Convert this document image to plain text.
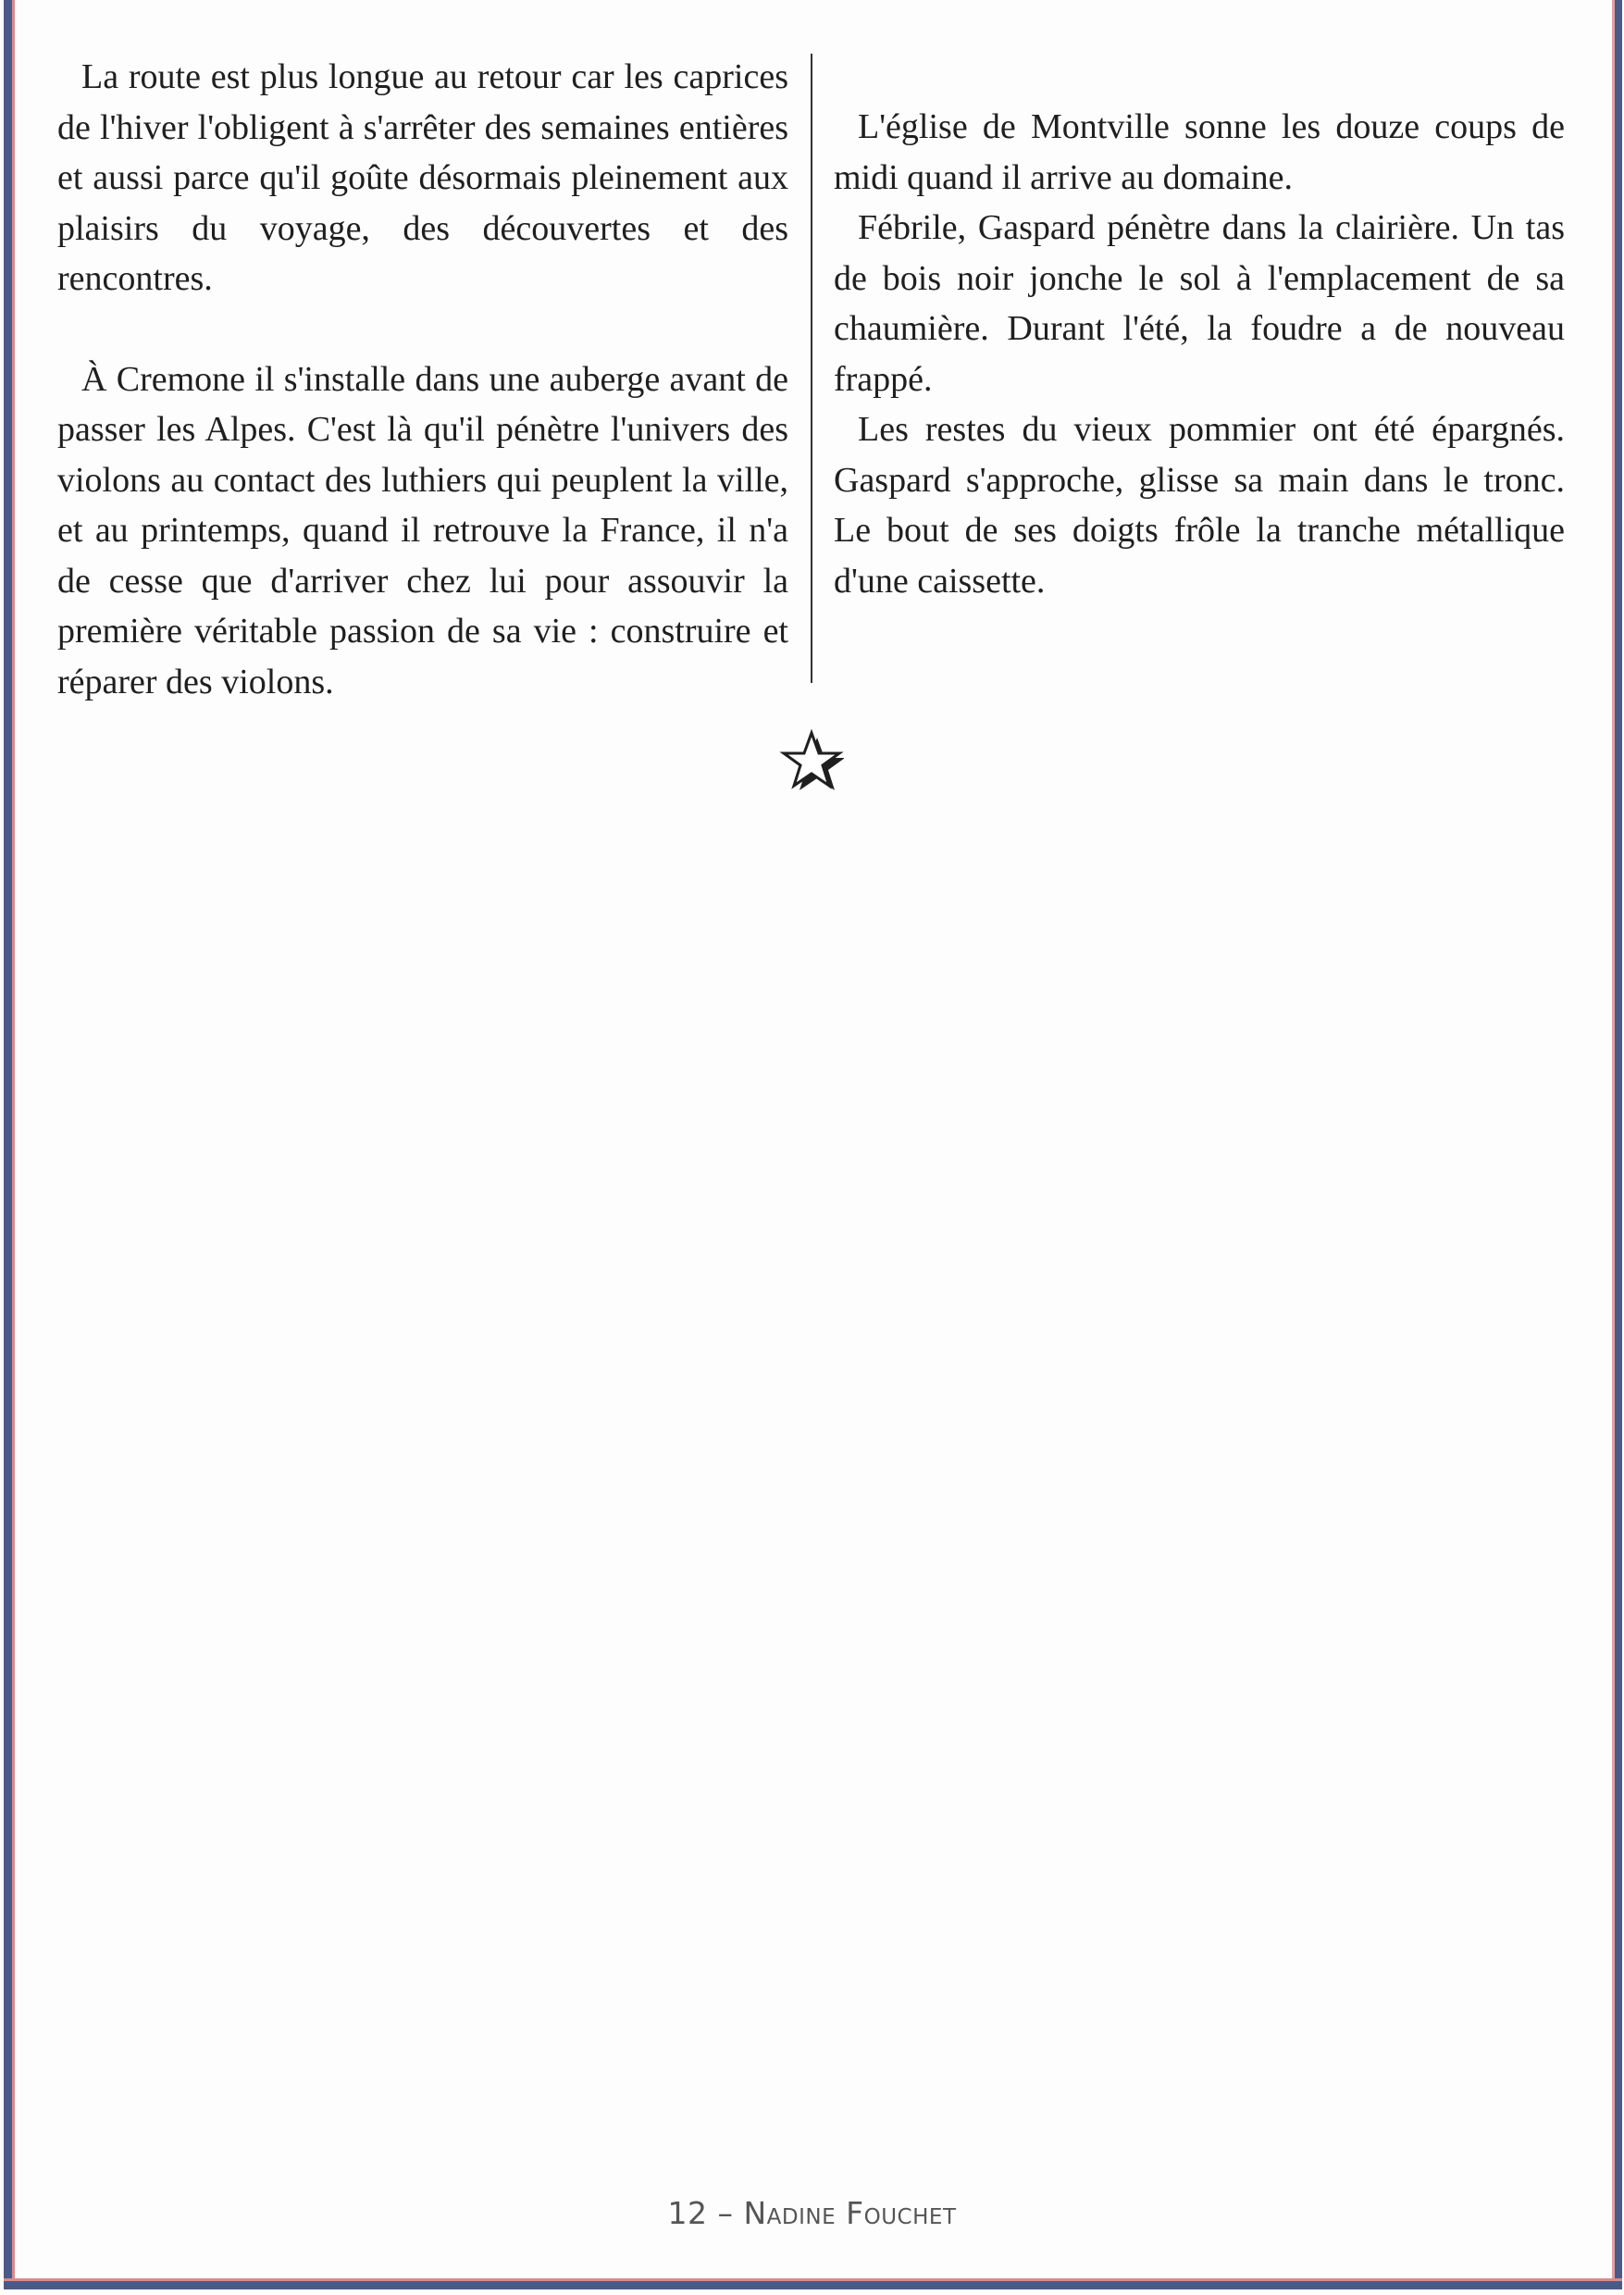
La route est plus longue au retour car les caprices de l'hiver l'obligent à s'arrêter des semaines entières et aussi parce qu'il goûte désormais pleinement aux plaisirs du voyage, des découvertes et des rencontres.

À Cremone il s'installe dans une auberge avant de passer les Alpes. C'est là qu'il pénètre l'univers des violons au contact des luthiers qui peuplent la ville, et au printemps, quand il retrouve la France, il n'a de cesse que d'arriver chez lui pour assouvir la première véritable passion de sa vie : construire et réparer des violons.

L'église de Montville sonne les douze coups de midi quand il arrive au domaine.

Fébrile, Gaspard pénètre dans la clairière. Un tas de bois noir jonche le sol à l'emplacement de sa chaumière. Durant l'été, la foudre a de nouveau frappé.

Les restes du vieux pommier ont été épargnés. Gaspard s'approche, glisse sa main dans le tronc. Le bout de ses doigts frôle la tranche métallique d'une caissette.

12 – Nadine Fouchet
